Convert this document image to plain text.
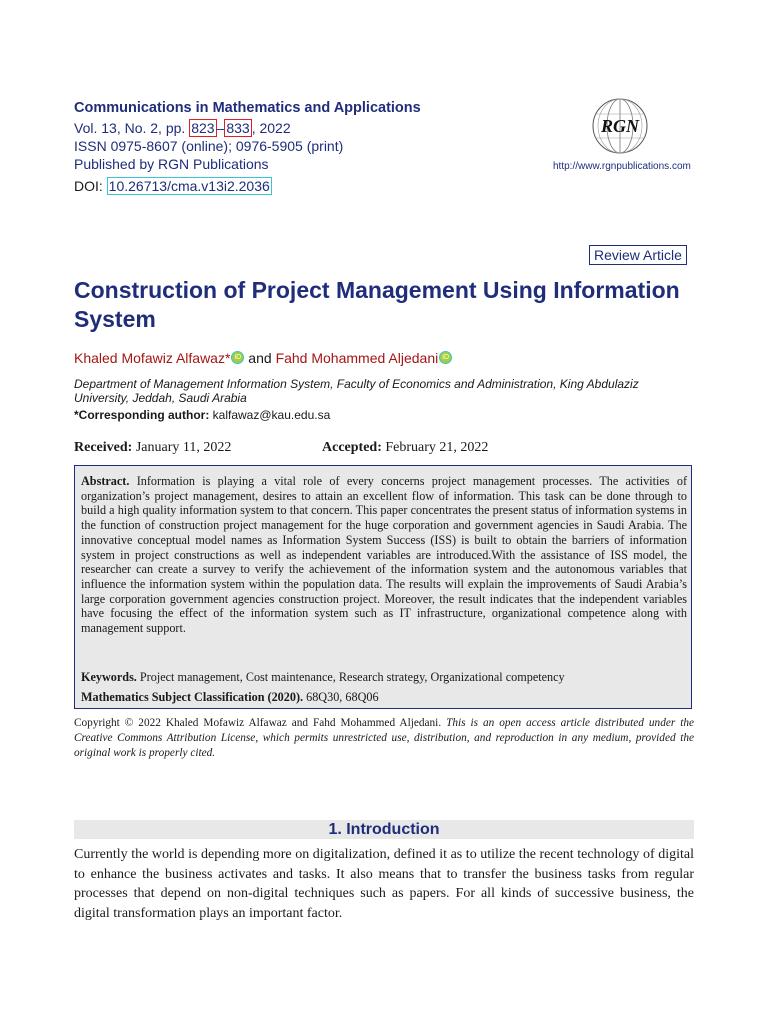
Communications in Mathematics and Applications
Vol. 13, No. 2, pp. 823 – 833 , 2022
ISSN 0975-8607 (online); 0976-5905 (print)
Published by RGN Publications
DOI: 10.26713/cma.v13i2.2036
RGN
http://www.rgnpublications.com
Review Article
Construction of Project Management Using Information System
Khaled Mofawiz Alfawaz* iD and Fahd Mohammed Aljedani iD
Department of Management Information System, Faculty of Economics and Administration, King Abdulaziz University, Jeddah, Saudi Arabia
*Corresponding author: kalfawaz@kau.edu.sa
Received: January 11, 2022	Accepted: February 21, 2022
Abstract. Information is playing a vital role of every concerns project management processes. The activities of organization’s project management, desires to attain an excellent flow of information. This task can be done through to build a high quality information system to that concern. This paper concentrates the present status of information systems in the function of construction project management for the huge corporation and government agencies in Saudi Arabia. The innovative conceptual model names as Information System Success (ISS) is built to obtain the barriers of information system in project constructions as well as independent variables are introduced.With the assistance of ISS model, the researcher can create a survey to verify the achievement of the information system and the autonomous variables that influence the information system within the population data. The results will explain the improvements of Saudi Arabia’s large corporation government agencies construction project. Moreover, the result indicates that the independent variables have focusing the effect of the information system such as IT infrastructure, organizational competence along with management support.
Keywords. Project management, Cost maintenance, Research strategy, Organizational competency
Mathematics Subject Classification (2020). 68Q30, 68Q06
Copyright © 2022 Khaled Mofawiz Alfawaz and Fahd Mohammed Aljedani. This is an open access article distributed under the Creative Commons Attribution License, which permits unrestricted use, distribution, and reproduction in any medium, provided the original work is properly cited.
1. Introduction
Currently the world is depending more on digitalization, defined it as to utilize the recent technology of digital to enhance the business activates and tasks. It also means that to transfer the business tasks from regular processes that depend on non-digital techniques such as papers. For all kinds of successive business, the digital transformation plays an important factor.
